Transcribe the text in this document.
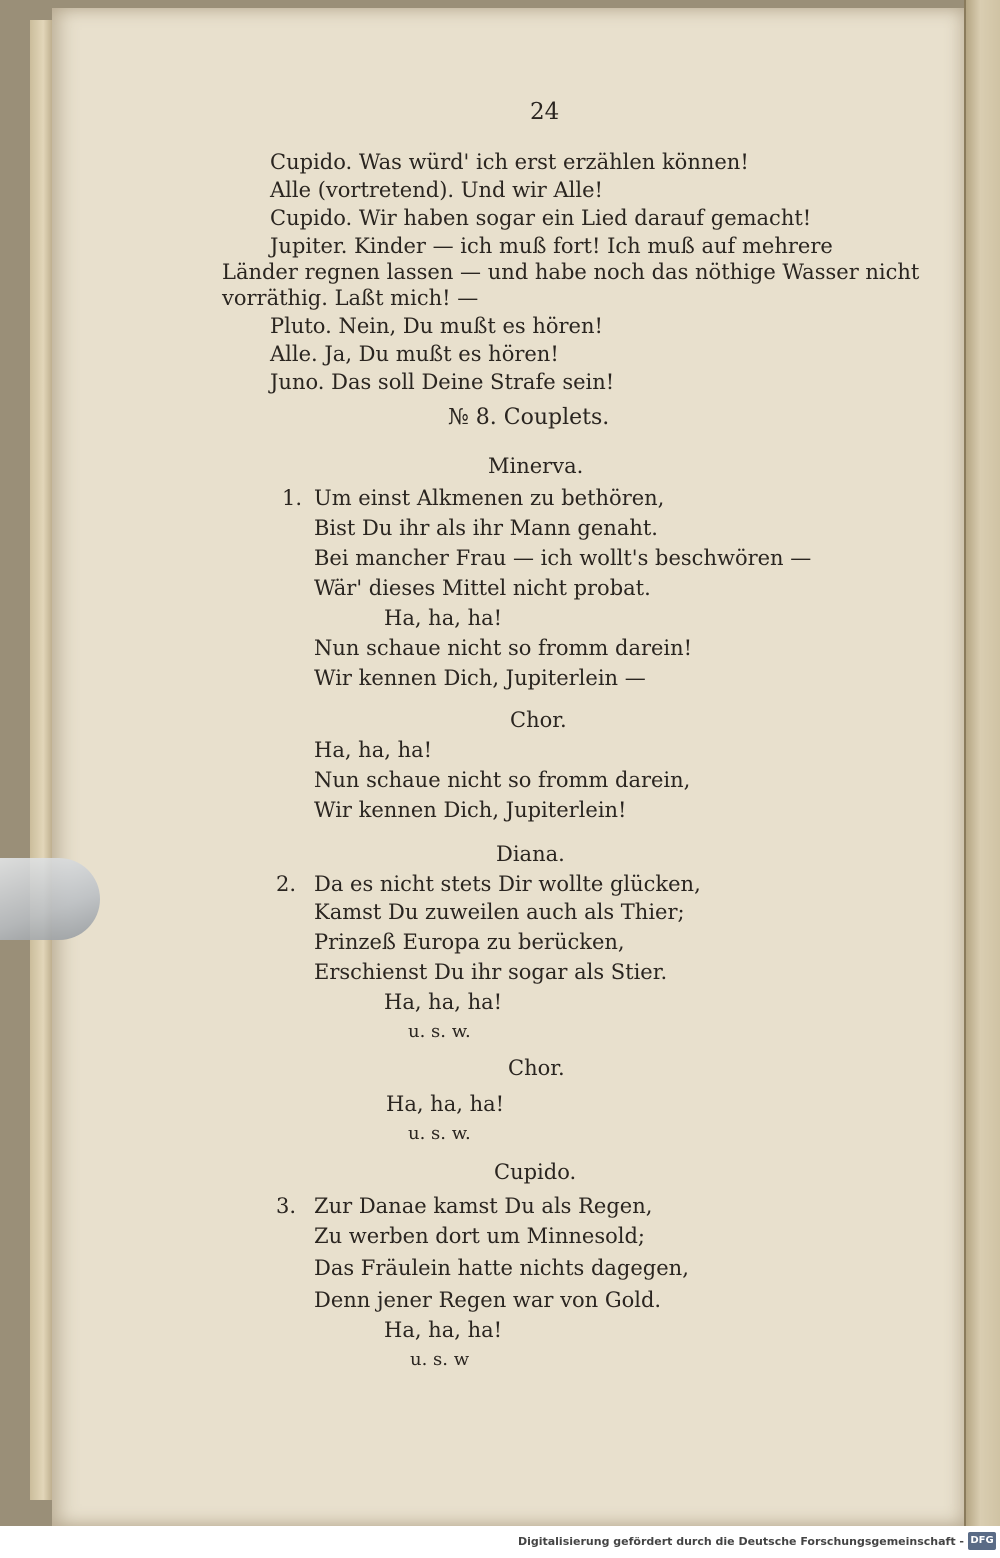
24
Cupido. Was würd' ich erst erzählen können!
Alle (vortretend). Und wir Alle!
Cupido. Wir haben sogar ein Lied darauf gemacht!
Jupiter. Kinder — ich muß fort! Ich muß auf mehrere
Länder regnen lassen — und habe noch das nöthige Wasser nicht
vorräthig. Laßt mich! —
Pluto. Nein, Du mußt es hören!
Alle. Ja, Du mußt es hören!
Juno. Das soll Deine Strafe sein!
№ 8. Couplets.
Minerva.
1. Um einst Alkmenen zu bethören,
Bist Du ihr als ihr Mann genaht.
Bei mancher Frau — ich wollt's beschwören —
Wär' dieses Mittel nicht probat.
Ha, ha, ha!
Nun schaue nicht so fromm darein!
Wir kennen Dich, Jupiterlein —
Chor.
Ha, ha, ha!
Nun schaue nicht so fromm darein,
Wir kennen Dich, Jupiterlein!
Diana.
2. Da es nicht stets Dir wollte glücken,
Kamst Du zuweilen auch als Thier;
Prinzeß Europa zu berücken,
Erschienst Du ihr sogar als Stier.
Ha, ha, ha!
u. s. w.
Chor.
Ha, ha, ha!
u. s. w.
Cupido.
3. Zur Danae kamst Du als Regen,
Zu werben dort um Minnesold;
Das Fräulein hatte nichts dagegen,
Denn jener Regen war von Gold.
Ha, ha, ha!
u. s. w
Digitalisierung gefördert durch die Deutsche Forschungsgemeinschaft - DFG
